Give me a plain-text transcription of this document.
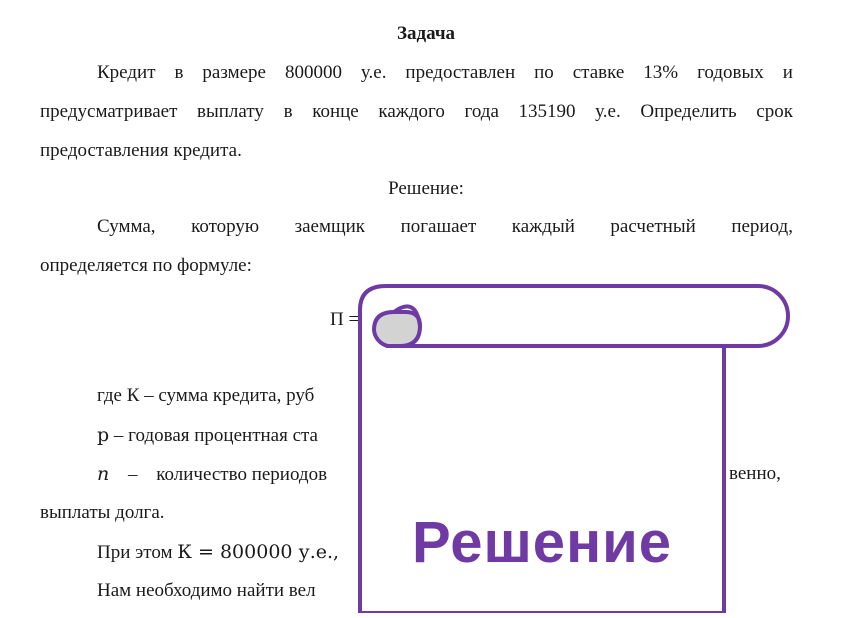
Задача
Кредит в размере 800000 у.е. предоставлен по ставке 13% годовых и
предусматривает выплату в конце каждого года 135190 у.е. Определить срок
предоставления кредита.
Решение:
Сумма, которую заемщик погашает каждый расчетный период,
определяется по формуле:
П =
где К – сумма кредита, руб
p – годовая процентная ста
n – количество периодов	венно,
выплаты долга.
При этом К = 800000 у.е.,
Нам необходимо найти вел
Решение
